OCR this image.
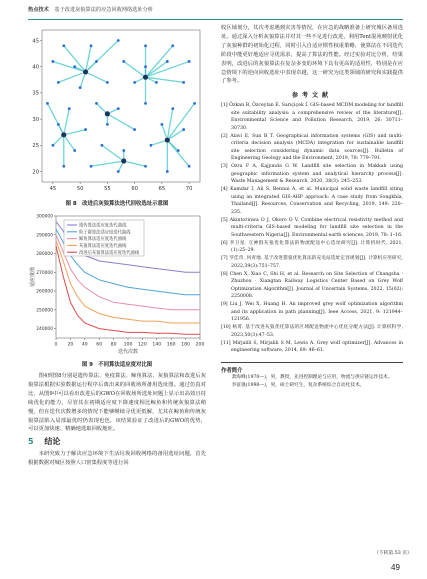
热点技术 基于改进灰狼算法的应急回收网络选址分析
45	50	55	60	65	70
45
40
35
30
25
20
图 8　改进后灰狼算法迭代回收选址示意图
0 20 40 60 80 100 120 140 160 180 200
240000
250000
260000
270000
280000
290000
300000
适应度值
迭代次数
遗传算法适应度迭代曲线
粒子群算法适应度迭代曲线
鲸鱼算法适应度迭代曲线
灰狼算法适应度迭代曲线
改进后灰狼算法适应度迭代曲线
图 9　不同算法适应度对比图

图4到图8分别是遗传算法、免疫算法、鲸鱼算法、灰狼算法和改进后灰狼算法根据实验数据运行程序后离出来的回收场所备用选址图。通过仿真对比，从图9中可以看出改进后的GWO在回收场所选址问题上显示出高效且持续优化的能力，尽管其在初期适应度下降速度相比鲸鱼和传统灰狼算法稍慢，但在迭代次数增多的情况下能够继续寻优更低解，尤其在鲸鱼和传统灰狼算法陷入局部最优时仍表现也色，该结果验证了改进后的GWO的优势，可以更加快速、精确地选取回收地址。

5 结论

本研究致力于解决应急环境下生活垃圾回收网络的备用选址问题，首先根据数据对城区按照人口密集程度等进行回

收区域划分，其次考虑遇到灾害等情况，在应急的战略准备上研究城区备用选址。通过深入分析灰狼算法并对其一些不足进行改进，利用Tent混沌映射优化了灰狼种群的初始化过程，同时引入自适应惯性权重策略，使算法在不同迭代阶段中能更好地适应寻优需求，提高了算法的性能。经过实验对比分析，结果表明，改进后的灰狼算法在复杂多变的环境下具有更高的适用性，特别是在应急情境下的逆向回收选址中表现卓越，这一研究为这类领域的研究和实践提供了参考。

参考文献
[1] Özkan B, Özceylan E, Sarıçiçek İ. GIS-based MCDM modeling for landfill site suitability analysis: a comprehensive review of the literature[J]. Environmental Science and Pollution Research, 2019, 26: 30711–30730.
[2] Alavi E, Sun B T. Geographical information systems (GIS) and multi-criteria decision analysis (MCDA) integration for sustainable landfill site selection considering dynamic data sources[J]. Bulletin of Engineering Geology and the Environment, 2019, 78: 779–791.
[3] Ozra F A, Kajjunda G W. Landfill site selection in Makkah using geographic information system and analytical hierarchy process[J]. Waste Management & Research, 2020, 38(3): 245–253.
[4] Kamdar I, Ali S, Bennui A, et al. Municipal solid waste landfill siting using an integrated GIS-AHP approach: A case study from Songkhla, Thailand[J]. Resources, Conservation and Recycling, 2019, 149: 220–235.
[5] Akintorinwa O J, Okoro O V. Combine electrical resistivity method and multi-criteria GIS-based modeling for landfill site selection in the Southwestern Nigeria[J]. Environmental earth sciences, 2019, 78: 1–16.
[6] 李卫星. 互神群灰狼优化算法的物流配送中心选址研究[J]. 计算机时代, 2021,(1):25–29.
[7] 罗佳奇, 何青地. 基于改进猎狼优化算法的充电站选址定容规划[J]. 计算机应用研究, 2022,39(3):751–757.
[8] Chen X, Xiao C, Shi H, et al. Research on Site Selection of Changsha · Zhuzhou · Xiangtan Railway Logistics Center Based on Grey Wolf Optimization Algorithm[J]. Journal of Uncertain Systems, 2022, 15(02): 2250008.
[9] Liu J, Wei X, Huang H. An improved grey wolf optimization algorithm and its application in path planning[J]. Ieee Access, 2021, 9: 121944–121956.
[10] 杨菁. 基于改进灰狼优化算法的区域配送物流中心优化分配方法[J]. 计算机科学, 2023,50(3):47–53.
[11] Mirjalili S, Mirjalili S M, Lewis A. Grey wolf optimizer[J]. Advances in engineering software, 2014, 69: 46–61.
作者简介
萧海峰(1970—)，男，教授，先进控制理论与应用，物流与供应链运作技术。
李富强(1998—)，男，硕士研究生，复杂系统综合自动化技术。
（下转第 53 页）
49
